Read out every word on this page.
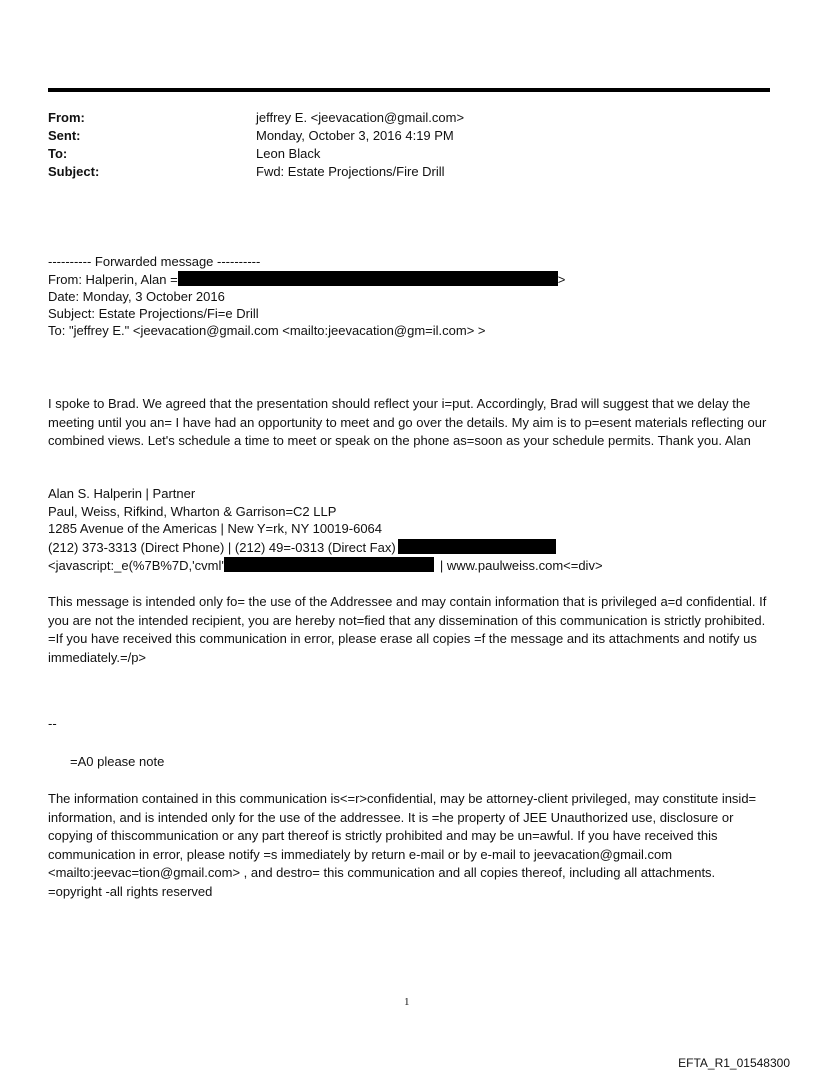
From:	jeffrey E. <jeevacation@gmail.com>
Sent:	Monday, October 3, 2016 4:19 PM
To:	Leon Black
Subject:	Fwd: Estate Projections/Fire Drill
---------- Forwarded message ----------
From: Halperin, Alan =	>
Date: Monday, 3 October 2016
Subject: Estate Projections/Fi=e Drill
To: "jeffrey E." <jeevacation@gmail.com <mailto:jeevacation@gm=il.com> >
I spoke to Brad. We agreed that the presentation should reflect your i=put. Accordingly, Brad will suggest that we delay the meeting until you an= I have had an opportunity to meet and go over the details. My aim is to p=esent materials reflecting our combined views. Let's schedule a time to meet or speak on the phone as=soon as your schedule permits. Thank you. Alan
Alan S. Halperin | Partner
Paul, Weiss, Rifkind, Wharton & Garrison=C2 LLP
1285 Avenue of the Americas | New Y=rk, NY 10019-6064
(212) 373-3313 (Direct Phone) | (212) 49=-0313 (Direct Fax)
<javascript:_e(%7B%7D,'cvml'	| www.paulweiss.com<=div>
This message is intended only fo= the use of the Addressee and may contain information that is privileged a=d confidential. If you are not the intended recipient, you are hereby not=fied that any dissemination of this communication is strictly prohibited. =If you have received this communication in error, please erase all copies =f the message and its attachments and notify us immediately.=/p>
--
=A0 please note
The information contained in this communication is<=r>confidential, may be attorney-client privileged, may constitute insid= information, and is intended only for the use of the addressee. It is =he property of JEE Unauthorized use, disclosure or copying of thiscommunication or any part thereof is strictly prohibited and may be un=awful. If you have received this communication in error, please notify =s immediately by return e-mail or by e-mail to jeevacation@gmail.com <mailto:jeevac=tion@gmail.com> , and destro= this communication and all copies thereof, including all attachments. =opyright -all rights reserved
1
EFTA_R1_01548300
